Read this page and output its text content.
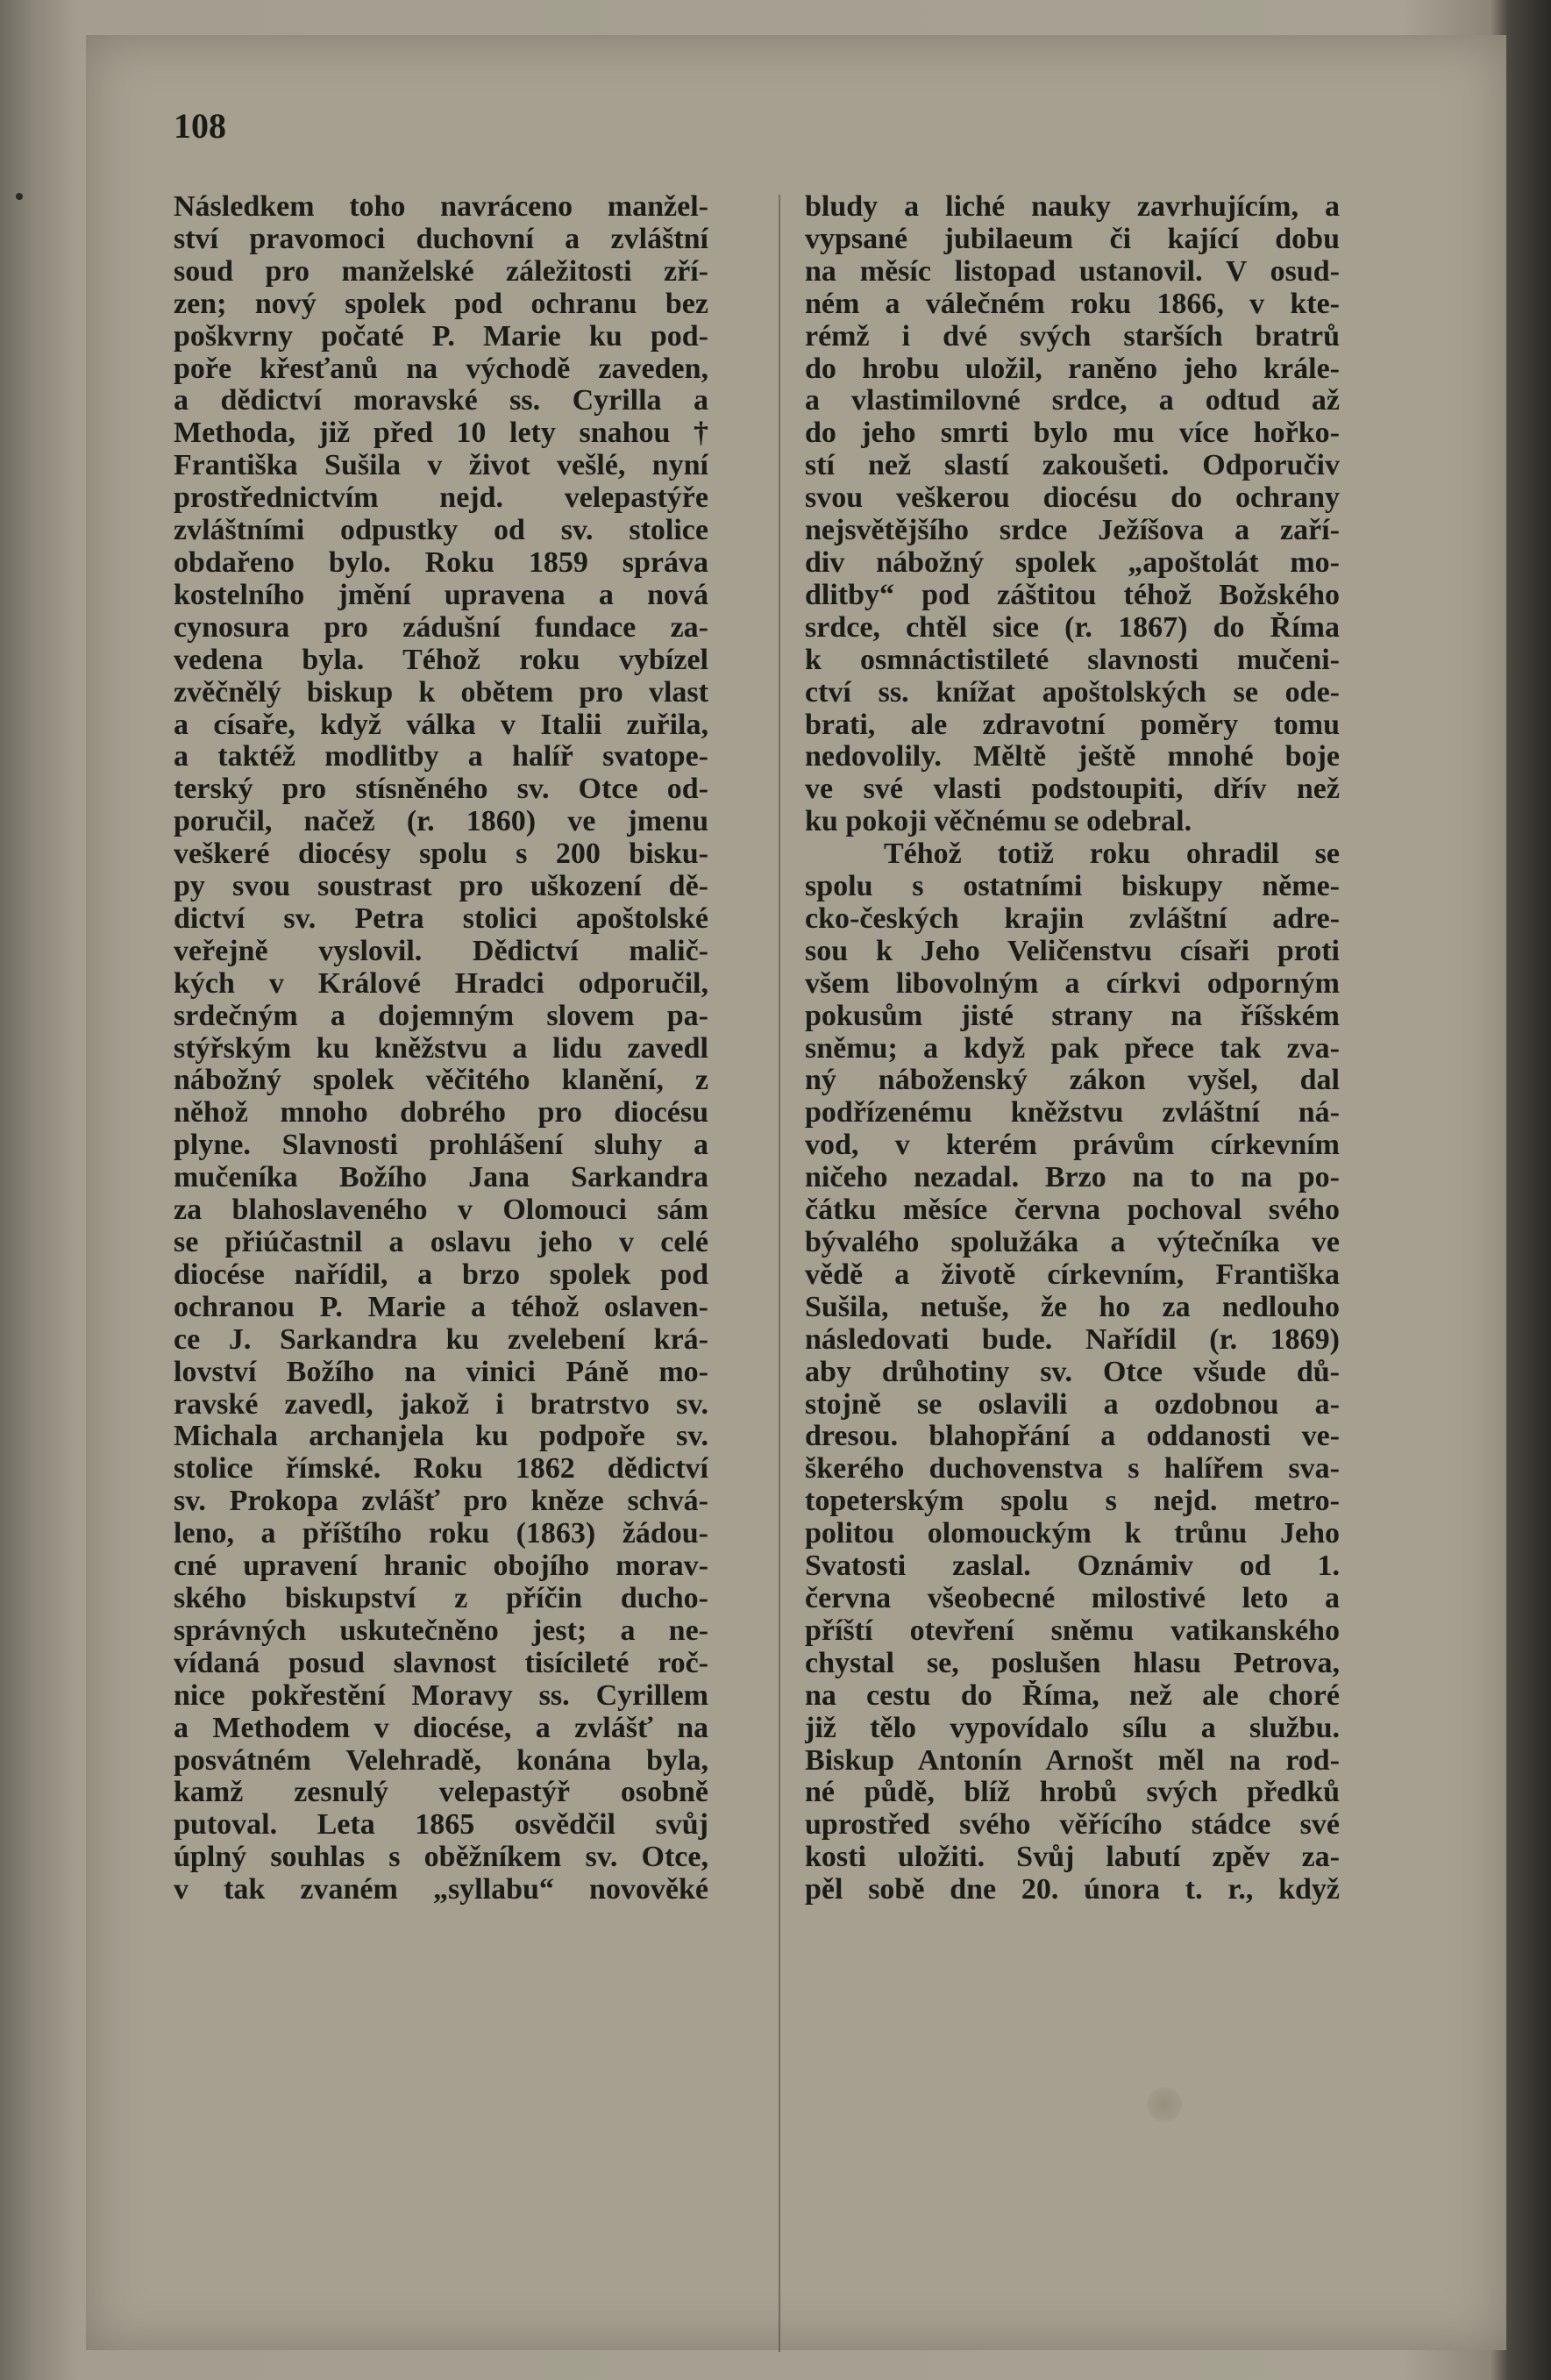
108
Následkem toho navráceno manžel-
ství pravomoci duchovní a zvláštní
soud pro manželské záležitosti zří-
zen; nový spolek pod ochranu bez
poškvrny počaté P. Marie ku pod-
poře křesťanů na východě zaveden,
a dědictví moravské ss. Cyrilla a
Methoda, již před 10 lety snahou †
Františka Sušila v život vešlé, nyní
prostřednictvím nejd. velepastýře
zvláštními odpustky od sv. stolice
obdařeno bylo. Roku 1859 správa
kostelního jmění upravena a nová
cynosura pro zádušní fundace za-
vedena byla. Téhož roku vybízel
zvěčnělý biskup k obětem pro vlast
a císaře, když válka v Italii zuřila,
a taktéž modlitby a halíř svatope-
terský pro stísněného sv. Otce od-
poručil, načež (r. 1860) ve jmenu
veškeré diocésy spolu s 200 bisku-
py svou soustrast pro uškození dě-
dictví sv. Petra stolici apoštolské
veřejně vyslovil. Dědictví malič-
kých v Králové Hradci odporučil,
srdečným a dojemným slovem pa-
stýřským ku kněžstvu a lidu zavedl
nábožný spolek věčitého klanění, z
něhož mnoho dobrého pro diocésu
plyne. Slavnosti prohlášení sluhy a
mučeníka Božího Jana Sarkandra
za blahoslaveného v Olomouci sám
se přiúčastnil a oslavu jeho v celé
diocése nařídil, a brzo spolek pod
ochranou P. Marie a téhož oslaven-
ce J. Sarkandra ku zvelebení krá-
lovství Božího na vinici Páně mo-
ravské zavedl, jakož i bratrstvo sv.
Michala archanjela ku podpoře sv.
stolice římské. Roku 1862 dědictví
sv. Prokopa zvlášť pro kněze schvá-
leno, a příštího roku (1863) žádou-
cné upravení hranic obojího morav-
ského biskupství z příčin ducho-
správných uskutečněno jest; a ne-
vídaná posud slavnost tisícileté roč-
nice pokřestění Moravy ss. Cyrillem
a Methodem v diocése, a zvlášť na
posvátném Velehradě, konána byla,
kamž zesnulý velepastýř osobně
putoval. Leta 1865 osvědčil svůj
úplný souhlas s oběžníkem sv. Otce,
v tak zvaném „syllabu“ novověké
bludy a liché nauky zavrhujícím, a
vypsané jubilaeum či kající dobu
na měsíc listopad ustanovil. V osud-
ném a válečném roku 1866, v kte-
rémž i dvé svých starších bratrů
do hrobu uložil, raněno jeho krále-
a vlastimilovné srdce, a odtud až
do jeho smrti bylo mu více hořko-
stí než slastí zakoušeti. Odporučiv
svou veškerou diocésu do ochrany
nejsvětějšího srdce Ježíšova a zaří-
div nábožný spolek „apoštolát mo-
dlitby“ pod záštitou téhož Božského
srdce, chtěl sice (r. 1867) do Říma
k osmnáctistileté slavnosti mučeni-
ctví ss. knížat apoštolských se ode-
brati, ale zdravotní poměry tomu
nedovolily. Měltě ještě mnohé boje
ve své vlasti podstoupiti, dřív než
ku pokoji věčnému se odebral.
Téhož totiž roku ohradil se
spolu s ostatními biskupy něme-
cko-českých krajin zvláštní adre-
sou k Jeho Veličenstvu císaři proti
všem libovolným a církvi odporným
pokusům jisté strany na říšském
sněmu; a když pak přece tak zva-
ný náboženský zákon vyšel, dal
podřízenému kněžstvu zvláštní ná-
vod, v kterém právům církevním
ničeho nezadal. Brzo na to na po-
čátku měsíce června pochoval svého
bývalého spolužáka a výtečníka ve
vědě a životě církevním, Františka
Sušila, netuše, že ho za nedlouho
následovati bude. Nařídil (r. 1869)
aby drůhotiny sv. Otce všude dů-
stojně se oslavili a ozdobnou a-
dresou. blahopřání a oddanosti ve-
škerého duchovenstva s halířem sva-
topeterským spolu s nejd. metro-
politou olomouckým k trůnu Jeho
Svatosti zaslal. Oznámiv od 1.
června všeobecné milostivé leto a
příští otevření sněmu vatikanského
chystal se, poslušen hlasu Petrova,
na cestu do Říma, než ale choré
již tělo vypovídalo sílu a službu.
Biskup Antonín Arnošt měl na rod-
né půdě, blíž hrobů svých předků
uprostřed svého věřícího stádce své
kosti uložiti. Svůj labutí zpěv za-
pěl sobě dne 20. února t. r., když
